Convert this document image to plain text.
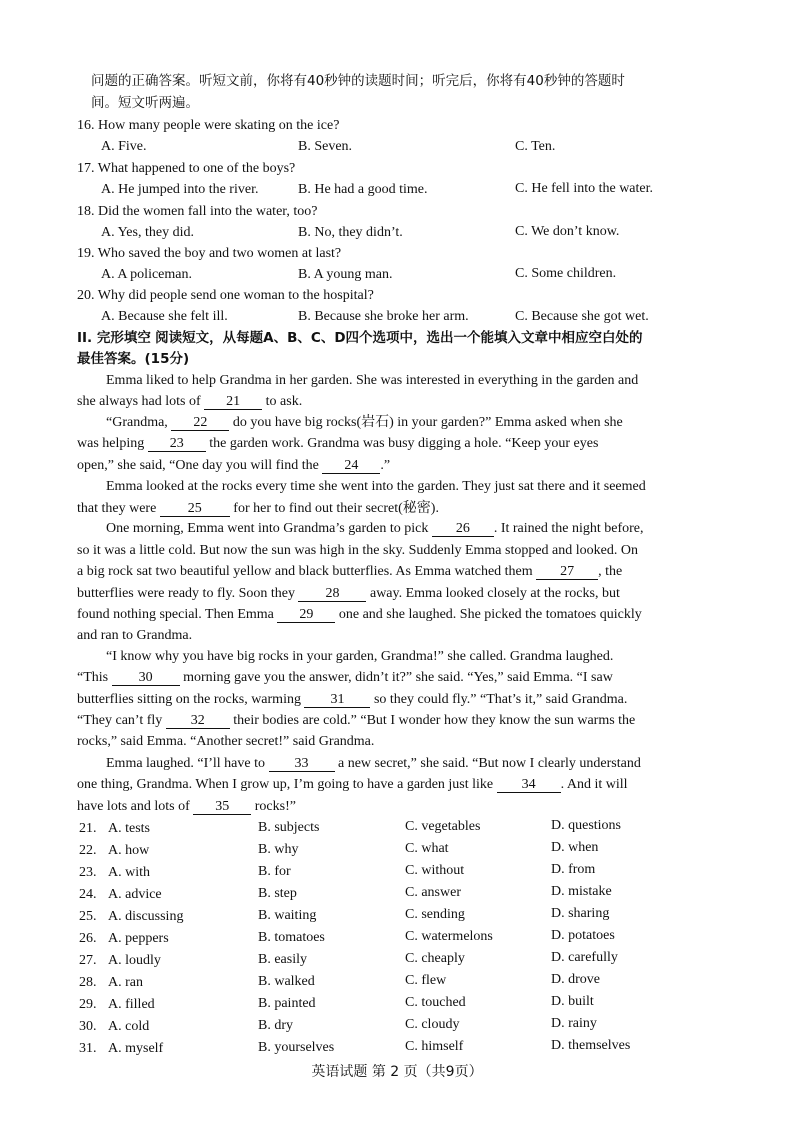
问题的正确答案。听短文前，你将有40秒钟的读题时间；听完后，你将有40秒钟的答题时
间。短文听两遍。
16. How many people were skating on the ice?
A. Five.	B. Seven.	C. Ten.
17. What happened to one of the boys?
A. He jumped into the river.	B. He had a good time.	C. He fell into the water.
18. Did the women fall into the water, too?
A. Yes, they did.	B. No, they didn’t.	C. We don’t know.
19. Who saved the boy and two women at last?
A. A policeman.	B. A young man.	C. Some children.
20. Why did people send one woman to the hospital?
A. Because she felt ill.	B. Because she broke her arm.	C. Because she got wet.
II. 完形填空 阅读短文，从每题A、B、C、D四个选项中，选出一个能填入文章中相应空白处的
最佳答案。(15分)
Emma liked to help Grandma in her garden. She was interested in everything in the garden and
she always had lots of 21 to ask.
“Grandma, 22 do you have big rocks(岩石) in your garden?” Emma asked when she
was helping 23 the garden work. Grandma was busy digging a hole. “Keep your eyes
open,” she said, “One day you will find the 24 .”
Emma looked at the rocks every time she went into the garden. They just sat there and it seemed
that they were 25 for her to find out their secret(秘密).
One morning, Emma went into Grandma’s garden to pick 26 . It rained the night before,
so it was a little cold. But now the sun was high in the sky. Suddenly Emma stopped and looked. On
a big rock sat two beautiful yellow and black butterflies. As Emma watched them 27 , the
butterflies were ready to fly. Soon they 28 away. Emma looked closely at the rocks, but
found nothing special. Then Emma 29 one and she laughed. She picked the tomatoes quickly
and ran to Grandma.
“I know why you have big rocks in your garden, Grandma!” she called. Grandma laughed.
“This 30 morning gave you the answer, didn’t it?” she said. “Yes,” said Emma. “I saw
butterflies sitting on the rocks, warming 31 so they could fly.” “That’s it,” said Grandma.
“They can’t fly 32 their bodies are cold.” “But I wonder how they know the sun warms the
rocks,” said Emma. “Another secret!” said Grandma.
Emma laughed. “I’ll have to 33 a new secret,” she said. “But now I clearly understand
one thing, Grandma. When I grow up, I’m going to have a garden just like 34 . And it will
have lots and lots of 35 rocks!”
21. A. tests	B. subjects	C. vegetables	D. questions
22. A. how	B. why	C. what	D. when
23. A. with	B. for	C. without	D. from
24. A. advice	B. step	C. answer	D. mistake
25. A. discussing	B. waiting	C. sending	D. sharing
26. A. peppers	B. tomatoes	C. watermelons	D. potatoes
27. A. loudly	B. easily	C. cheaply	D. carefully
28. A. ran	B. walked	C. flew	D. drove
29. A. filled	B. painted	C. touched	D. built
30. A. cold	B. dry	C. cloudy	D. rainy
31. A. myself	B. yourselves	C. himself	D. themselves
英语试题 第 2 页（共9页）
